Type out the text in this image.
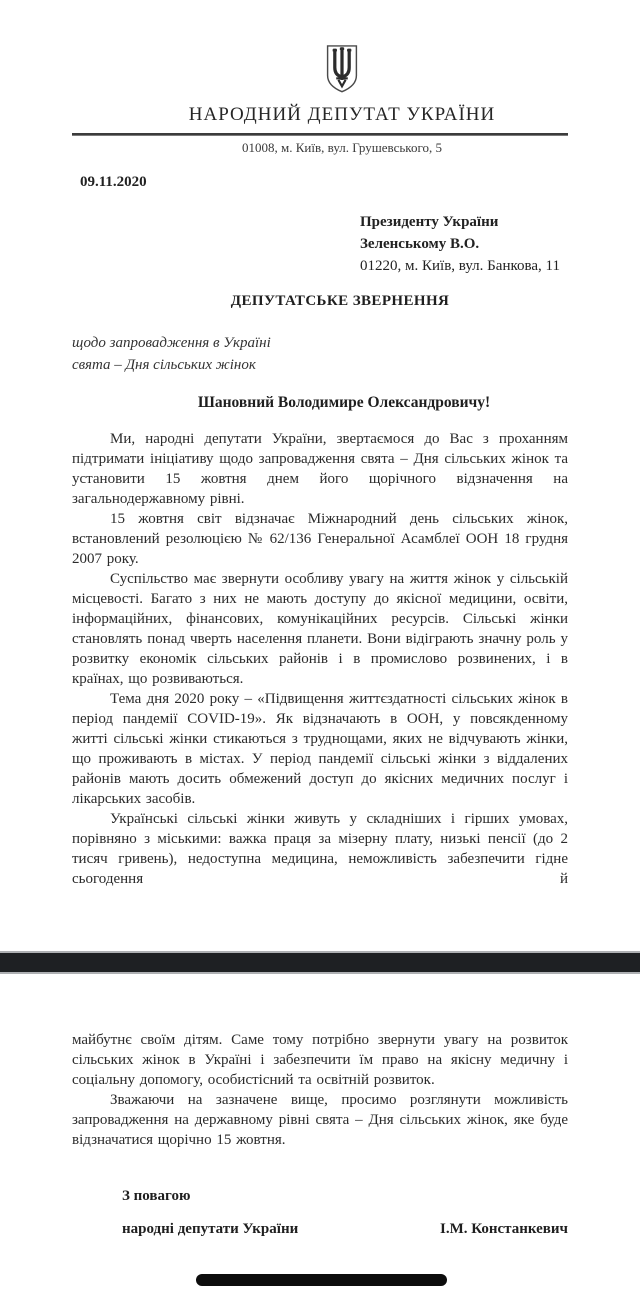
НАРОДНИЙ ДЕПУТАТ УКРАЇНИ
01008, м. Київ, вул. Грушевського, 5
09.11.2020
Президенту України
Зеленському В.О.
01220, м. Київ, вул. Банкова, 11
ДЕПУТАТСЬКЕ ЗВЕРНЕННЯ
щодо запровадження в Україні
свята – Дня сільських жінок
Шановний Володимире Олександровичу!

Ми, народні депутати України, звертаємося до Вас з проханням підтримати ініціативу щодо запровадження свята – Дня сільських жінок та установити 15 жовтня днем його щорічного відзначення на загальнодержавному рівні.

15 жовтня світ відзначає Міжнародний день сільських жінок, встановлений резолюцією № 62/136 Генеральної Асамблеї ООН 18 грудня 2007 року.

Суспільство має звернути особливу увагу на життя жінок у сільській місцевості. Багато з них не мають доступу до якісної медицини, освіти, інформаційних, фінансових, комунікаційних ресурсів. Сільські жінки становлять понад чверть населення планети. Вони відіграють значну роль у розвитку економік сільських районів і в промислово розвинених, і в країнах, що розвиваються.

Тема дня 2020 року – «Підвищення життєздатності сільських жінок в період пандемії COVID-19». Як відзначають в ООН, у повсякденному житті сільські жінки стикаються з труднощами, яких не відчувають жінки, що проживають в містах. У період пандемії сільські жінки з віддалених районів мають досить обмежений доступ до якісних медичних послуг і лікарських засобів.

Українські сільські жінки живуть у складніших і гірших умовах, порівняно з міськими: важка праця за мізерну плату, низькі пенсії (до 2 тисяч гривень), недоступна медицина, неможливість забезпечити гідне сьогодення й

майбутнє своїм дітям. Саме тому потрібно звернути увагу на розвиток сільських жінок в Україні і забезпечити їм право на якісну медичну і соціальну допомогу, особистісний та освітній розвиток.

Зважаючи на зазначене вище, просимо розглянути можливість запровадження на державному рівні свята – Дня сільських жінок, яке буде відзначатися щорічно 15 жовтня.

З повагою
народні депутати України	І.М. Констанкевич
